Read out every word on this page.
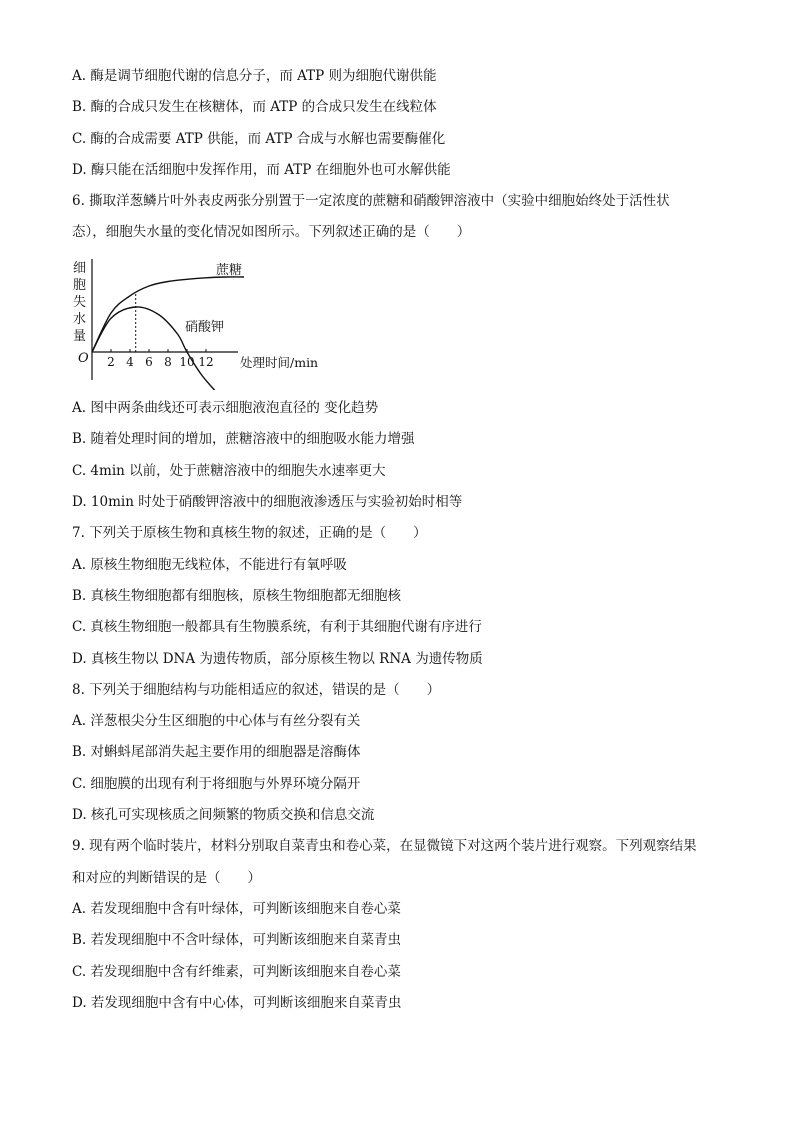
A. 酶是调节细胞代谢的信息分子，而 ATP 则为细胞代谢供能
B. 酶的合成只发生在核糖体，而 ATP 的合成只发生在线粒体
C. 酶的合成需要 ATP 供能，而 ATP 合成与水解也需要酶催化
D. 酶只能在活细胞中发挥作用，而 ATP 在细胞外也可水解供能
6. 撕取洋葱鳞片叶外表皮两张分别置于一定浓度的蔗糖和硝酸钾溶液中（实验中细胞始终处于活性状
态），细胞失水量的变化情况如图所示。下列叙述正确的是（　　）
细
胞
失
水
量
O 2 4 6 8 10 12
蔗糖
硝酸钾
处理时间/min
A. 图中两条曲线还可表示细胞液泡直径的 变化趋势
B. 随着处理时间的增加，蔗糖溶液中的细胞吸水能力增强
C. 4min 以前，处于蔗糖溶液中的细胞失水速率更大
D. 10min 时处于硝酸钾溶液中的细胞液渗透压与实验初始时相等
7. 下列关于原核生物和真核生物的叙述，正确的是（　　）
A. 原核生物细胞无线粒体，不能进行有氧呼吸
B. 真核生物细胞都有细胞核，原核生物细胞都无细胞核
C. 真核生物细胞一般都具有生物膜系统，有利于其细胞代谢有序进行
D. 真核生物以 DNA 为遗传物质，部分原核生物以 RNA 为遗传物质
8. 下列关于细胞结构与功能相适应的叙述，错误的是（　　）
A. 洋葱根尖分生区细胞的中心体与有丝分裂有关
B. 对蝌蚪尾部消失起主要作用的细胞器是溶酶体
C. 细胞膜的出现有利于将细胞与外界环境分隔开
D. 核孔可实现核质之间频繁的物质交换和信息交流
9. 现有两个临时装片，材料分别取自菜青虫和卷心菜，在显微镜下对这两个装片进行观察。下列观察结果
和对应的判断错误的是（　　）
A. 若发现细胞中含有叶绿体，可判断该细胞来自卷心菜
B. 若发现细胞中不含叶绿体，可判断该细胞来自菜青虫
C. 若发现细胞中含有纤维素，可判断该细胞来自卷心菜
D. 若发现细胞中含有中心体，可判断该细胞来自菜青虫
